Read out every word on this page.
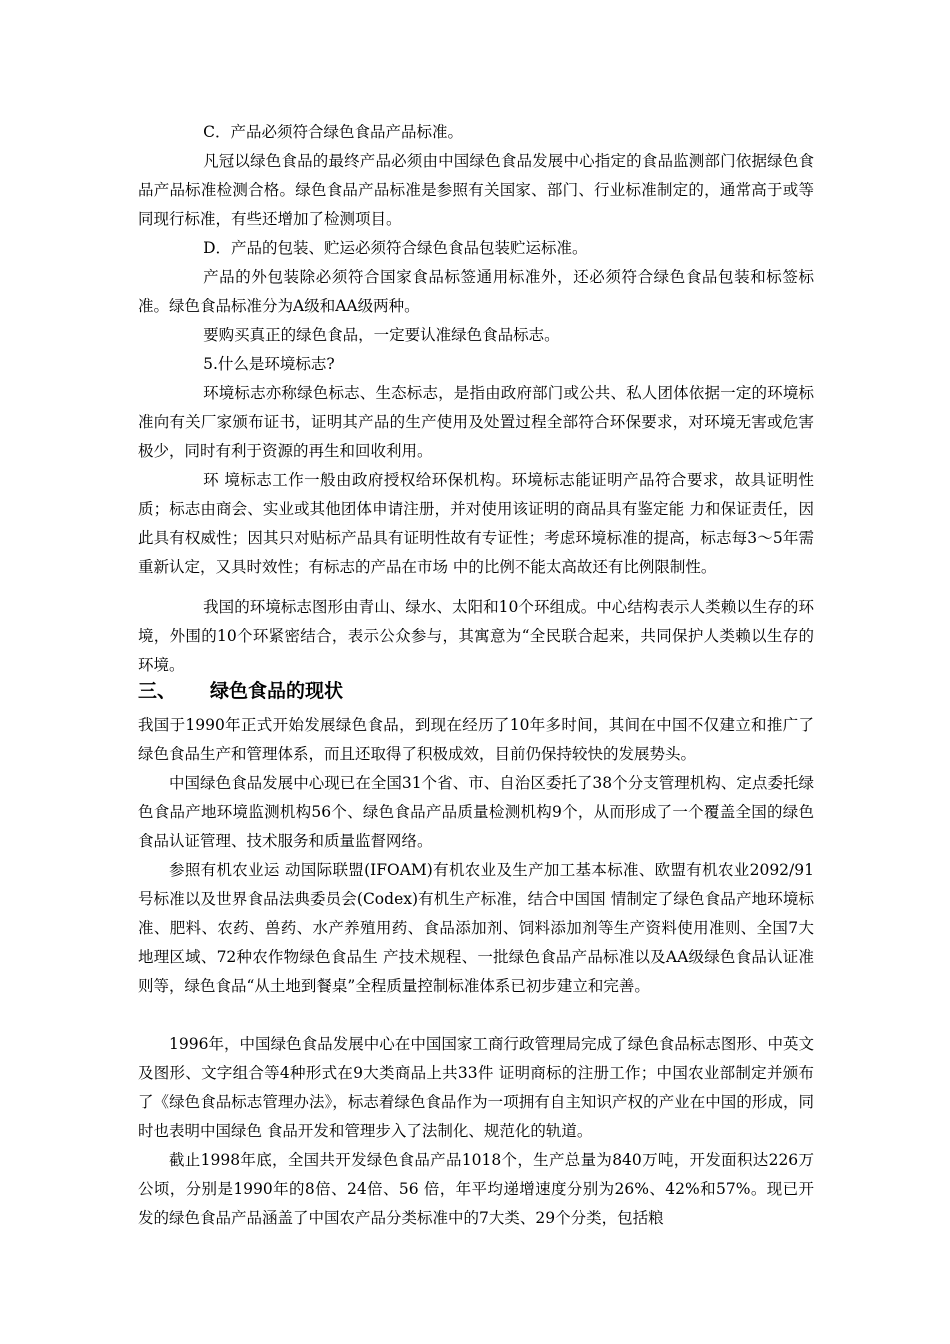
C．产品必须符合绿色食品产品标准。

凡冠以绿色食品的最终产品必须由中国绿色食品发展中心指定的食品监测部门依据绿色食品产品标准检测合格。绿色食品产品标准是参照有关国家、部门、行业标准制定的，通常高于或等同现行标准，有些还增加了检测项目。

D．产品的包装、贮运必须符合绿色食品包装贮运标准。

产品的外包装除必须符合国家食品标签通用标准外，还必须符合绿色食品包装和标签标准。绿色食品标准分为A级和AA级两种。

要购买真正的绿色食品，一定要认准绿色食品标志。

5.什么是环境标志?

环境标志亦称绿色标志、生态标志，是指由政府部门或公共、私人团体依据一定的环境标准向有关厂家颁布证书，证明其产品的生产使用及处置过程全部符合环保要求，对环境无害或危害极少，同时有利于资源的再生和回收利用。

环 境标志工作一般由政府授权给环保机构。环境标志能证明产品符合要求，故具证明性质；标志由商会、实业或其他团体申请注册，并对使用该证明的商品具有鉴定能 力和保证责任，因此具有权威性；因其只对贴标产品具有证明性故有专证性；考虑环境标准的提高，标志每3～5年需重新认定，又具时效性；有标志的产品在市场 中的比例不能太高故还有比例限制性。

我国的环境标志图形由青山、绿水、太阳和10个环组成。中心结构表示人类赖以生存的环境，外围的10个环紧密结合，表示公众参与，其寓意为“全民联合起来，共同保护人类赖以生存的环境。

三、 绿色食品的现状

我国于1990年正式开始发展绿色食品，到现在经历了10年多时间，其间在中国不仅建立和推广了绿色食品生产和管理体系，而且还取得了积极成效，目前仍保持较快的发展势头。

中国绿色食品发展中心现已在全国31个省、市、自治区委托了38个分支管理机构、定点委托绿色食品产地环境监测机构56个、绿色食品产品质量检测机构9个，从而形成了一个覆盖全国的绿色食品认证管理、技术服务和质量监督网络。

参照有机农业运 动国际联盟(IFOAM)有机农业及生产加工基本标准、欧盟有机农业2092/91号标准以及世界食品法典委员会(Codex)有机生产标准，结合中国国 情制定了绿色食品产地环境标准、肥料、农药、兽药、水产养殖用药、食品添加剂、饲料添加剂等生产资料使用准则、全国7大地理区域、72种农作物绿色食品生 产技术规程、一批绿色食品产品标准以及AA级绿色食品认证准则等，绿色食品“从土地到餐桌”全程质量控制标准体系已初步建立和完善。

1996年，中国绿色食品发展中心在中国国家工商行政管理局完成了绿色食品标志图形、中英文及图形、文字组合等4种形式在9大类商品上共33件 证明商标的注册工作；中国农业部制定并颁布了《绿色食品标志管理办法》，标志着绿色食品作为一项拥有自主知识产权的产业在中国的形成，同时也表明中国绿色 食品开发和管理步入了法制化、规范化的轨道。

截止1998年底，全国共开发绿色食品产品1018个，生产总量为840万吨，开发面积达226万公顷，分别是1990年的8倍、24倍、56 倍，年平均递增速度分别为26%、42%和57%。现已开发的绿色食品产品涵盖了中国农产品分类标准中的7大类、29个分类，包括粮
